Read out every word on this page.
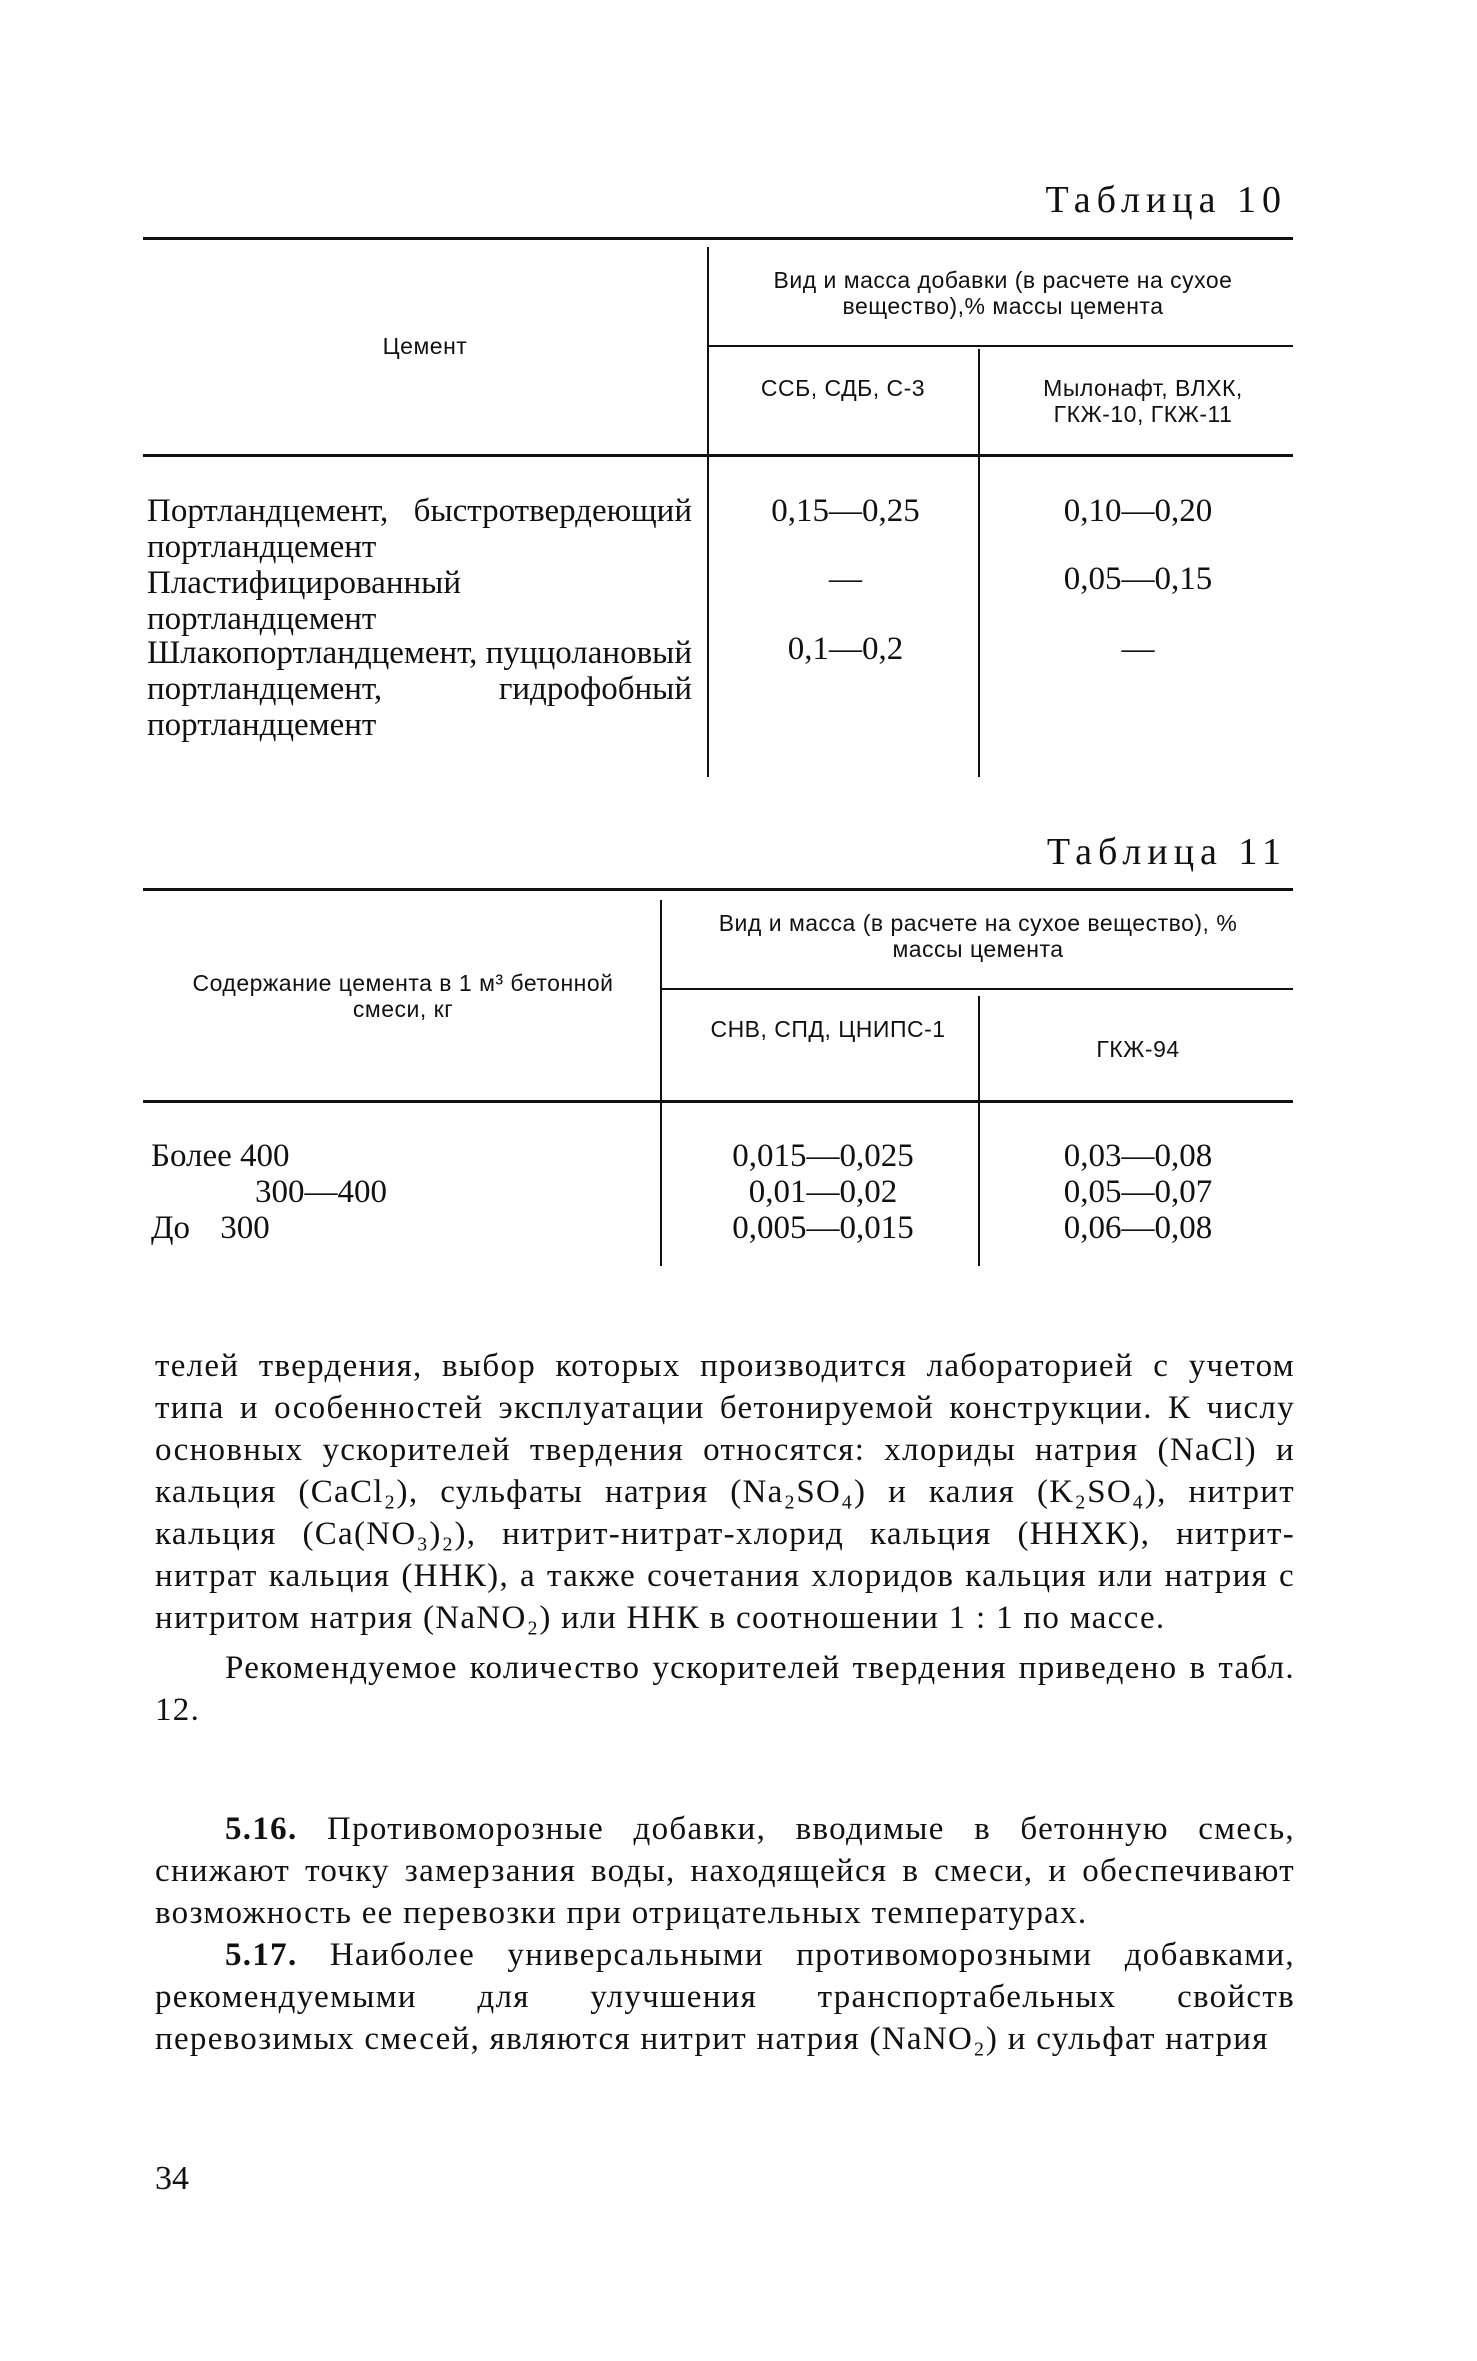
Таблица 10
Цемент
Вид и масса добавки (в расчете на сухое вещество),% массы цемента
ССБ, СДБ, С-3	Мылонафт, ВЛХК, ГКЖ-10, ГКЖ-11
Портландцемент, быстротвердеющий портландцемент
0,15—0,25	0,10—0,20
Пластифицированный портландцемент
—	0,05—0,15
Шлакопортландцемент, пуццолановый портландцемент, гидрофобный портландцемент
0,1—0,2	—
Таблица 11
Содержание цемента в 1 м³ бетонной смеси, кг
Вид и масса (в расчете на сухое вещество), % массы цемента
СНВ, СПД, ЦНИПС-1
ГКЖ-94
Более 400	0,015—0,025	0,03—0,08
300—400	0,01—0,02	0,05—0,07
До 300	0,005—0,015	0,06—0,08

телей твердения, выбор которых производится лабораторией с учетом типа и особенностей эксплуатации бетонируемой конструкции. К числу основных ускорителей твердения относятся: хлориды натрия (NaCl) и кальция (CaCl₂), сульфаты натрия (Na₂SO₄) и калия (K₂SO₄), нитрит кальция (Ca(NO₃)₂), нитрит-нитрат-хлорид кальция (ННХК), нитрит-нитрат кальция (ННК), а также сочетания хлоридов кальция или натрия с нитритом натрия (NaNO₂) или ННК в соотношении 1 : 1 по массе.

Рекомендуемое количество ускорителей твердения приведено в табл. 12.

5.16. Противоморозные добавки, вводимые в бетонную смесь, снижают точку замерзания воды, находящейся в смеси, и обеспечивают возможность ее перевозки при отрицательных температурах.

5.17. Наиболее универсальными противоморозными добавками, рекомендуемыми для улучшения транспортабельных свойств перевозимых смесей, являются нитрит натрия (NaNO₂) и сульфат натрия

34
